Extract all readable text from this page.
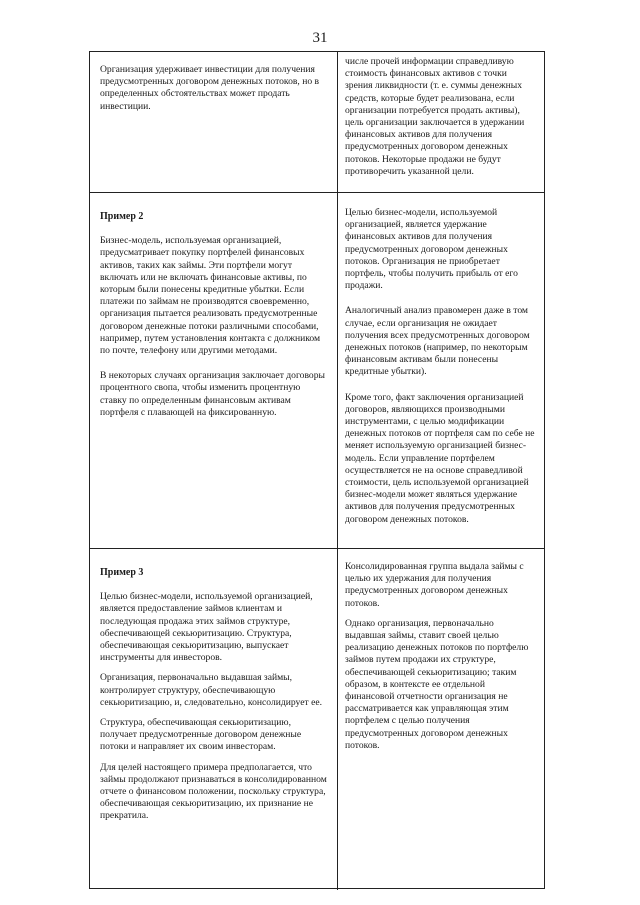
31

Организация удерживает инвестиции для получения предусмотренных договором денежных потоков, но в определенных обстоятельствах может продать инвестиции.

числе прочей информации справедливую стоимость финансовых активов с точки зрения ликвидности (т. е. суммы денежных средств, которые будет реализована, если организации потребуется продать активы), цель организации заключается в удержании финансовых активов для получения предусмотренных договором денежных потоков. Некоторые продажи не будут противоречить указанной цели.

Пример 2

Бизнес-модель, используемая организацией, предусматривает покупку портфелей финансовых активов, таких как займы. Эти портфели могут включать или не включать финансовые активы, по которым были понесены кредитные убытки. Если платежи по займам не производятся своевременно, организация пытается реализовать предусмотренные договором денежные потоки различными способами, например, путем установления контакта с должником по почте, телефону или другими методами.

В некоторых случаях организация заключает договоры процентного свопа, чтобы изменить процентную ставку по определенным финансовым активам портфеля с плавающей на фиксированную.

Целью бизнес-модели, используемой организацией, является удержание финансовых активов для получения предусмотренных договором денежных потоков. Организация не приобретает портфель, чтобы получить прибыль от его продажи.

Аналогичный анализ правомерен даже в том случае, если организация не ожидает получения всех предусмотренных договором денежных потоков (например, по некоторым финансовым активам были понесены кредитные убытки).

Кроме того, факт заключения организацией договоров, являющихся производными инструментами, с целью модификации денежных потоков от портфеля сам по себе не меняет используемую организацией бизнес-модель. Если управление портфелем осуществляется не на основе справедливой стоимости, цель используемой организацией бизнес-модели может являться удержание активов для получения предусмотренных договором денежных потоков.

Пример 3

Целью бизнес-модели, используемой организацией, является предоставление займов клиентам и последующая продажа этих займов структуре, обеспечивающей секьюритизацию. Структура, обеспечивающая секьюритизацию, выпускает инструменты для инвесторов.

Организация, первоначально выдавшая займы, контролирует структуру, обеспечивающую секьюритизацию, и, следовательно, консолидирует ее.

Структура, обеспечивающая секьюритизацию, получает предусмотренные договором денежные потоки и направляет их своим инвесторам.

Для целей настоящего примера предполагается, что займы продолжают признаваться в консолидированном отчете о финансовом положении, поскольку структура, обеспечивающая секьюритизацию, их признание не прекратила.

Консолидированная группа выдала займы с целью их удержания для получения предусмотренных договором денежных потоков.

Однако организация, первоначально выдавшая займы, ставит своей целью реализацию денежных потоков по портфелю займов путем продажи их структуре, обеспечивающей секьюритизацию; таким образом, в контексте ее отдельной финансовой отчетности организация не рассматривается как управляющая этим портфелем с целью получения предусмотренных договором денежных потоков.
